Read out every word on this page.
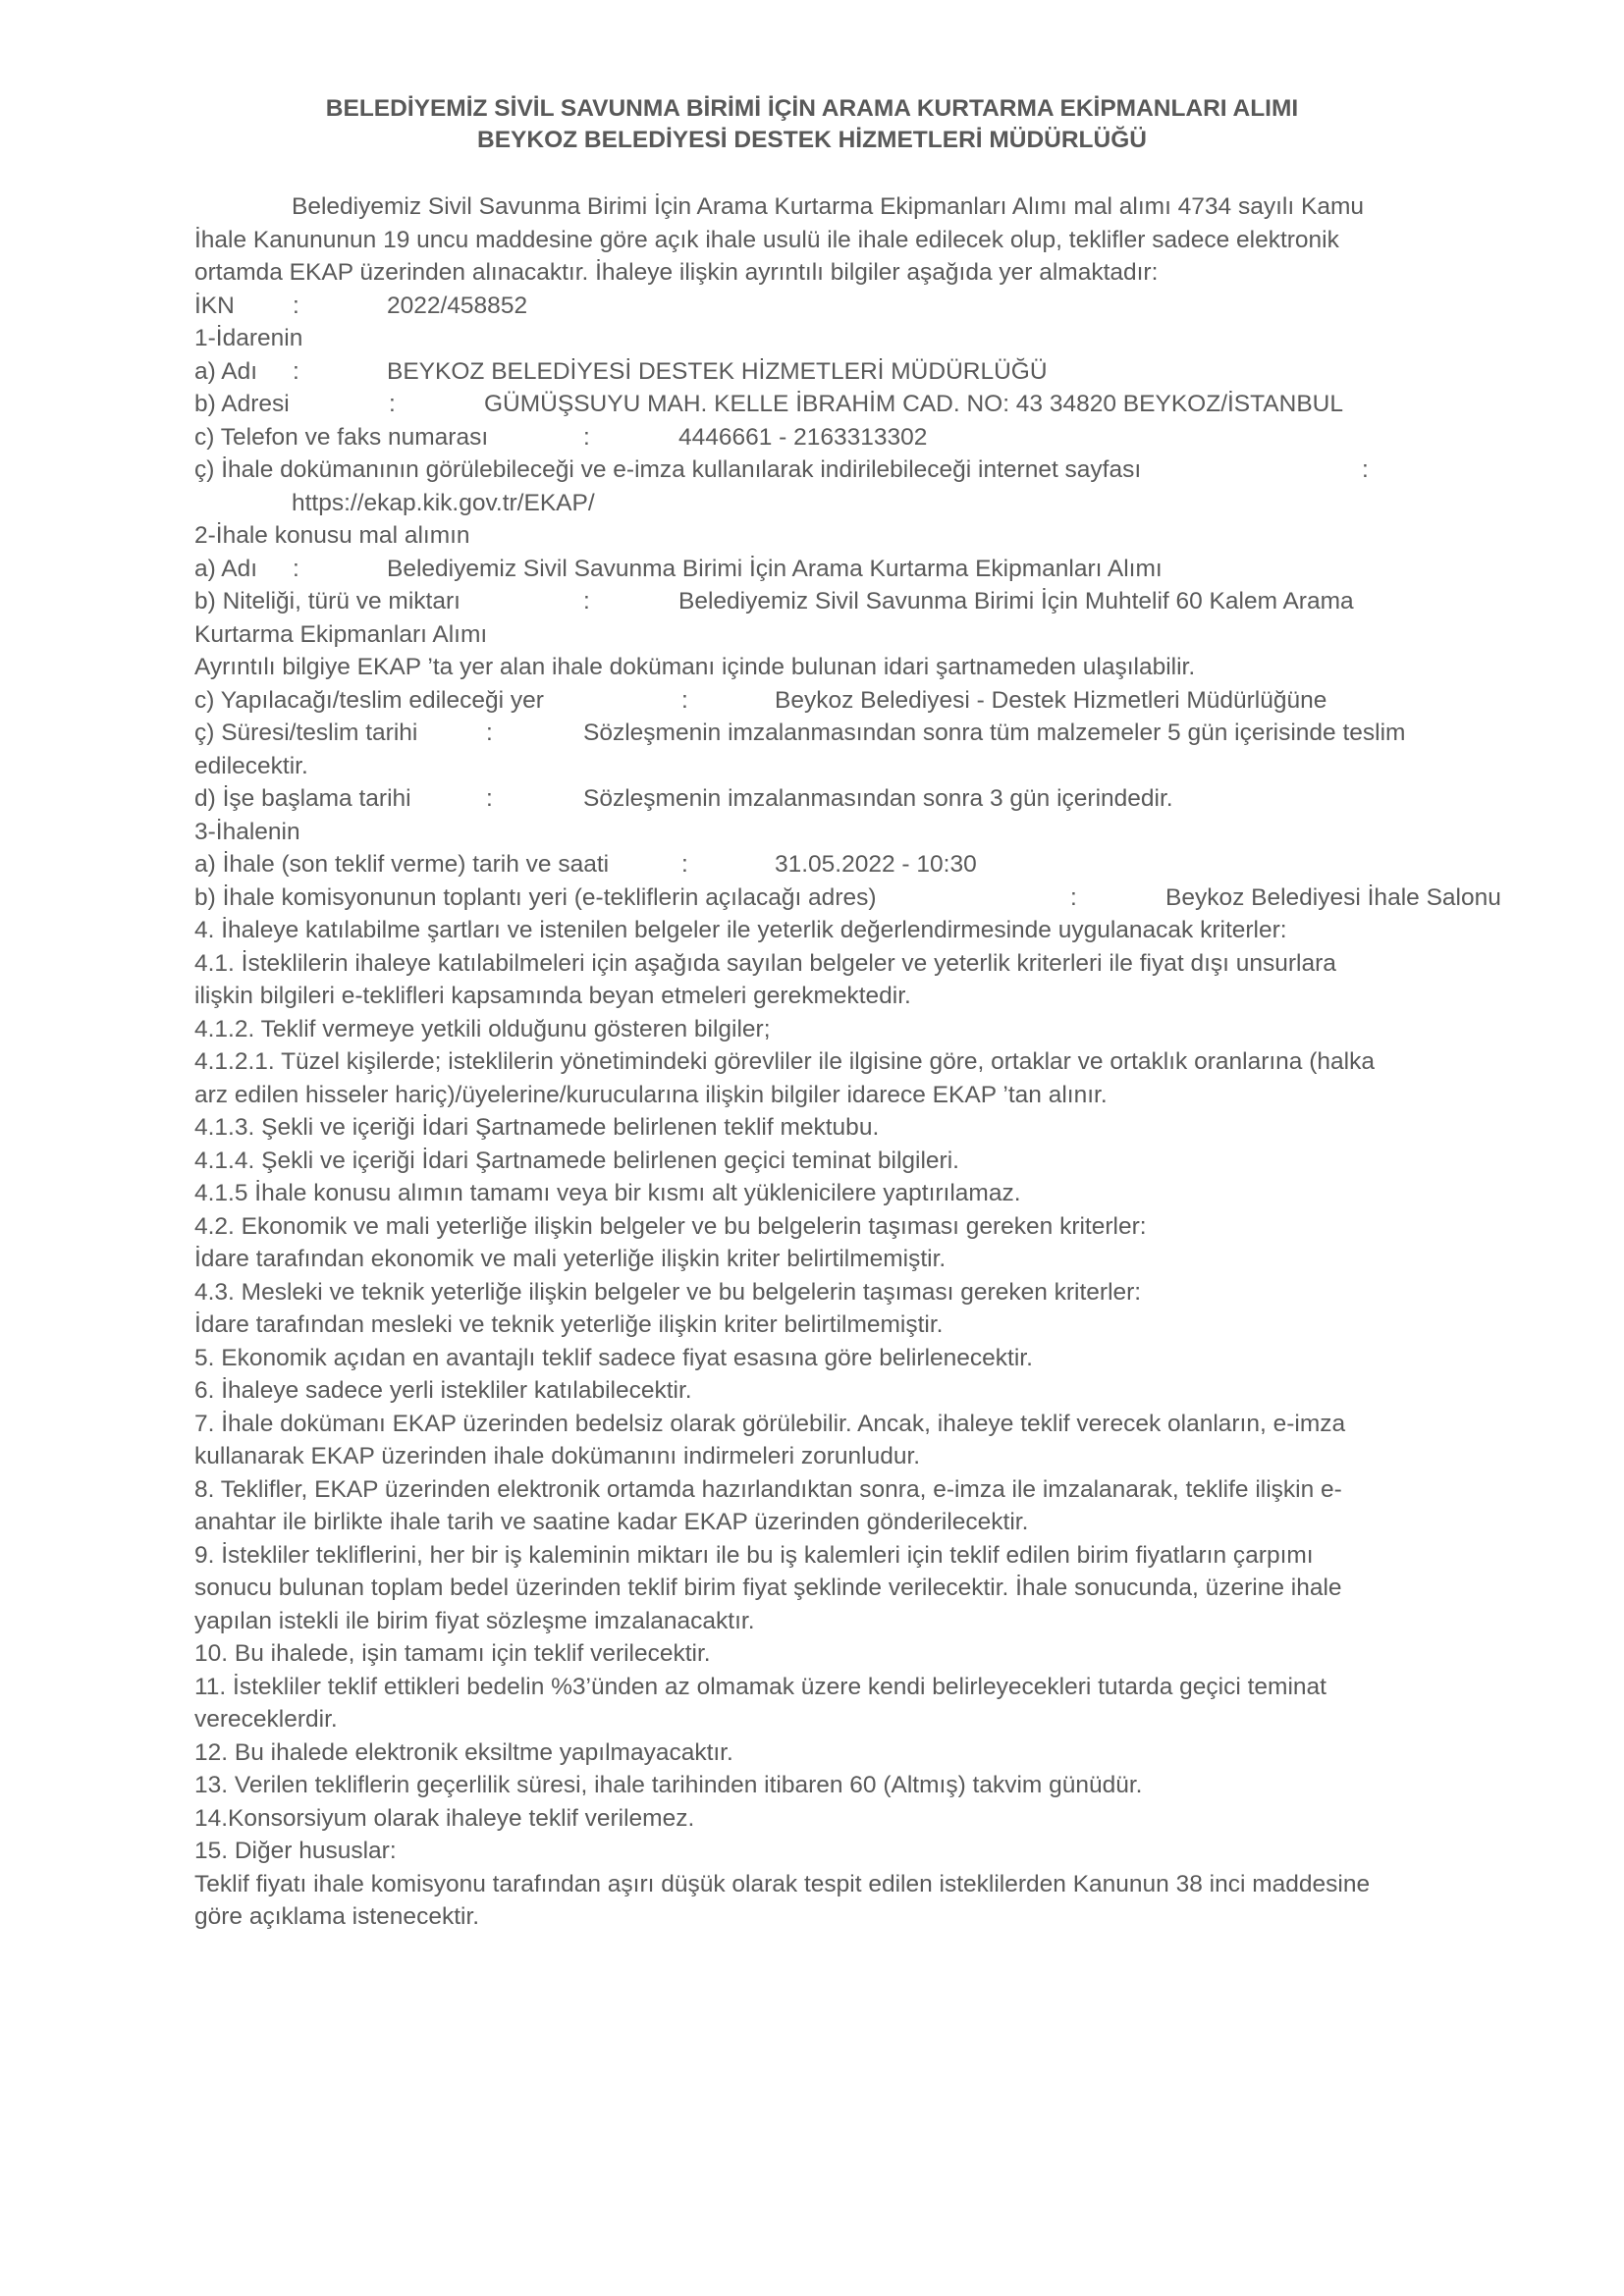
BELEDİYEMİZ SİVİL SAVUNMA BİRİMİ İÇİN ARAMA KURTARMA EKİPMANLARI ALIMI
BEYKOZ BELEDİYESİ DESTEK HİZMETLERİ MÜDÜRLÜĞÜ
Belediyemiz Sivil Savunma Birimi İçin Arama Kurtarma Ekipmanları Alımı mal alımı 4734 sayılı Kamu
İhale Kanununun 19 uncu maddesine göre açık ihale usulü ile ihale edilecek olup, teklifler sadece elektronik
ortamda EKAP üzerinden alınacaktır. İhaleye ilişkin ayrıntılı bilgiler aşağıda yer almaktadır:
İKN :	2022/458852
1-İdarenin
a) Adı :	BEYKOZ BELEDİYESİ DESTEK HİZMETLERİ MÜDÜRLÜĞÜ
b) Adresi	:	GÜMÜŞSUYU MAH. KELLE İBRAHİM CAD. NO: 43 34820 BEYKOZ/İSTANBUL
c) Telefon ve faks numarası	:	4446661 - 2163313302
ç) İhale dokümanının görülebileceği ve e-imza kullanılarak indirilebileceği internet sayfası	:
https://ekap.kik.gov.tr/EKAP/
2-İhale konusu mal alımın
a) Adı :	Belediyemiz Sivil Savunma Birimi İçin Arama Kurtarma Ekipmanları Alımı
b) Niteliği, türü ve miktarı	:	Belediyemiz Sivil Savunma Birimi İçin Muhtelif 60 Kalem Arama
Kurtarma Ekipmanları Alımı
Ayrıntılı bilgiye EKAP ’ta yer alan ihale dokümanı içinde bulunan idari şartnameden ulaşılabilir.
c) Yapılacağı/teslim edileceği yer	:	Beykoz Belediyesi - Destek Hizmetleri Müdürlüğüne
ç) Süresi/teslim tarihi	:	Sözleşmenin imzalanmasından sonra tüm malzemeler 5 gün içerisinde teslim
edilecektir.
d) İşe başlama tarihi	:	Sözleşmenin imzalanmasından sonra 3 gün içerindedir.
3-İhalenin
a) İhale (son teklif verme) tarih ve saati	:	31.05.2022 - 10:30
b) İhale komisyonunun toplantı yeri (e-tekliflerin açılacağı adres)	:	Beykoz Belediyesi İhale Salonu
4. İhaleye katılabilme şartları ve istenilen belgeler ile yeterlik değerlendirmesinde uygulanacak kriterler:
4.1. İsteklilerin ihaleye katılabilmeleri için aşağıda sayılan belgeler ve yeterlik kriterleri ile fiyat dışı unsurlara
ilişkin bilgileri e-teklifleri kapsamında beyan etmeleri gerekmektedir.
4.1.2. Teklif vermeye yetkili olduğunu gösteren bilgiler;
4.1.2.1. Tüzel kişilerde; isteklilerin yönetimindeki görevliler ile ilgisine göre, ortaklar ve ortaklık oranlarına (halka
arz edilen hisseler hariç)/üyelerine/kurucularına ilişkin bilgiler idarece EKAP ’tan alınır.
4.1.3. Şekli ve içeriği İdari Şartnamede belirlenen teklif mektubu.
4.1.4. Şekli ve içeriği İdari Şartnamede belirlenen geçici teminat bilgileri.
4.1.5 İhale konusu alımın tamamı veya bir kısmı alt yüklenicilere yaptırılamaz.
4.2. Ekonomik ve mali yeterliğe ilişkin belgeler ve bu belgelerin taşıması gereken kriterler:
İdare tarafından ekonomik ve mali yeterliğe ilişkin kriter belirtilmemiştir.
4.3. Mesleki ve teknik yeterliğe ilişkin belgeler ve bu belgelerin taşıması gereken kriterler:
İdare tarafından mesleki ve teknik yeterliğe ilişkin kriter belirtilmemiştir.
5. Ekonomik açıdan en avantajlı teklif sadece fiyat esasına göre belirlenecektir.
6. İhaleye sadece yerli istekliler katılabilecektir.
7. İhale dokümanı EKAP üzerinden bedelsiz olarak görülebilir. Ancak, ihaleye teklif verecek olanların, e-imza
kullanarak EKAP üzerinden ihale dokümanını indirmeleri zorunludur.
8. Teklifler, EKAP üzerinden elektronik ortamda hazırlandıktan sonra, e-imza ile imzalanarak, teklife ilişkin e-
anahtar ile birlikte ihale tarih ve saatine kadar EKAP üzerinden gönderilecektir.
9. İstekliler tekliflerini, her bir iş kaleminin miktarı ile bu iş kalemleri için teklif edilen birim fiyatların çarpımı
sonucu bulunan toplam bedel üzerinden teklif birim fiyat şeklinde verilecektir. İhale sonucunda, üzerine ihale
yapılan istekli ile birim fiyat sözleşme imzalanacaktır.
10. Bu ihalede, işin tamamı için teklif verilecektir.
11. İstekliler teklif ettikleri bedelin %3’ünden az olmamak üzere kendi belirleyecekleri tutarda geçici teminat
vereceklerdir.
12. Bu ihalede elektronik eksiltme yapılmayacaktır.
13. Verilen tekliflerin geçerlilik süresi, ihale tarihinden itibaren 60 (Altmış) takvim günüdür.
14.Konsorsiyum olarak ihaleye teklif verilemez.
15. Diğer hususlar:
Teklif fiyatı ihale komisyonu tarafından aşırı düşük olarak tespit edilen isteklilerden Kanunun 38 inci maddesine
göre açıklama istenecektir.
